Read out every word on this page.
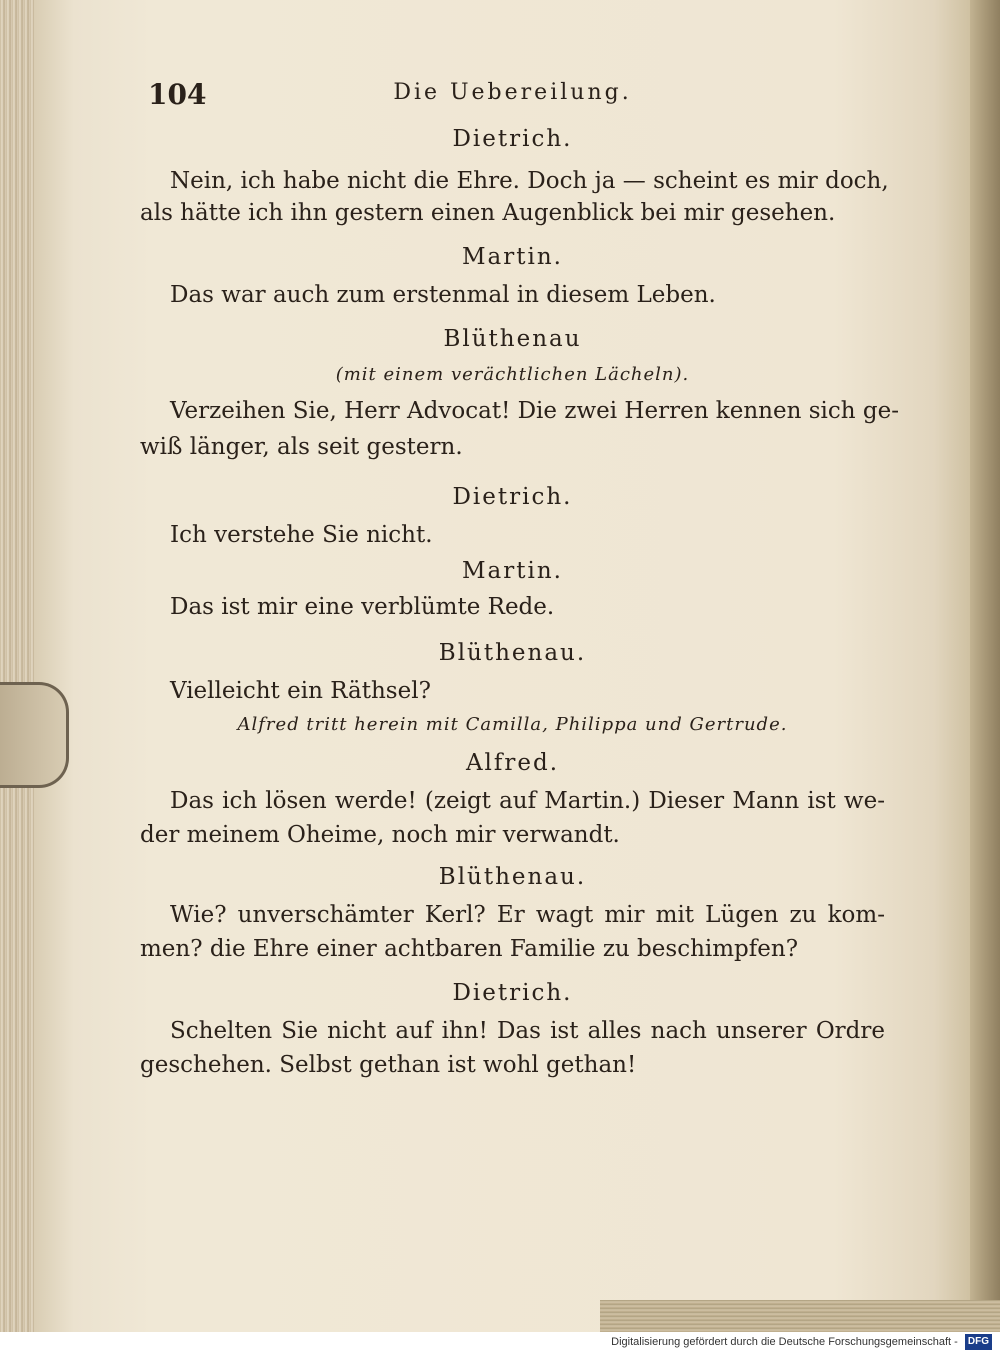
104	Die Uebereilung.
Dietrich.
Nein, ich habe nicht die Ehre. Doch ja — scheint es mir doch,
als hätte ich ihn gestern einen Augenblick bei mir gesehen.
Martin.
Das war auch zum erstenmal in diesem Leben.
Blüthenau
(mit einem verächtlichen Lächeln).
Verzeihen Sie, Herr Advocat! Die zwei Herren kennen sich ge-
wiß länger, als seit gestern.
Dietrich.
Ich verstehe Sie nicht.
Martin.
Das ist mir eine verblümte Rede.
Blüthenau.
Vielleicht ein Räthsel?
Alfred tritt herein mit Camilla, Philippa und Gertrude.
Alfred.
Das ich lösen werde! (zeigt auf Martin.) Dieser Mann ist we-
der meinem Oheime, noch mir verwandt.
Blüthenau.
Wie? unverschämter Kerl? Er wagt mir mit Lügen zu kom-
men? die Ehre einer achtbaren Familie zu beschimpfen?
Dietrich.
Schelten Sie nicht auf ihn! Das ist alles nach unserer Ordre
geschehen. Selbst gethan ist wohl gethan!
Digitalisierung gefördert durch die Deutsche Forschungsgemeinschaft - DFG
